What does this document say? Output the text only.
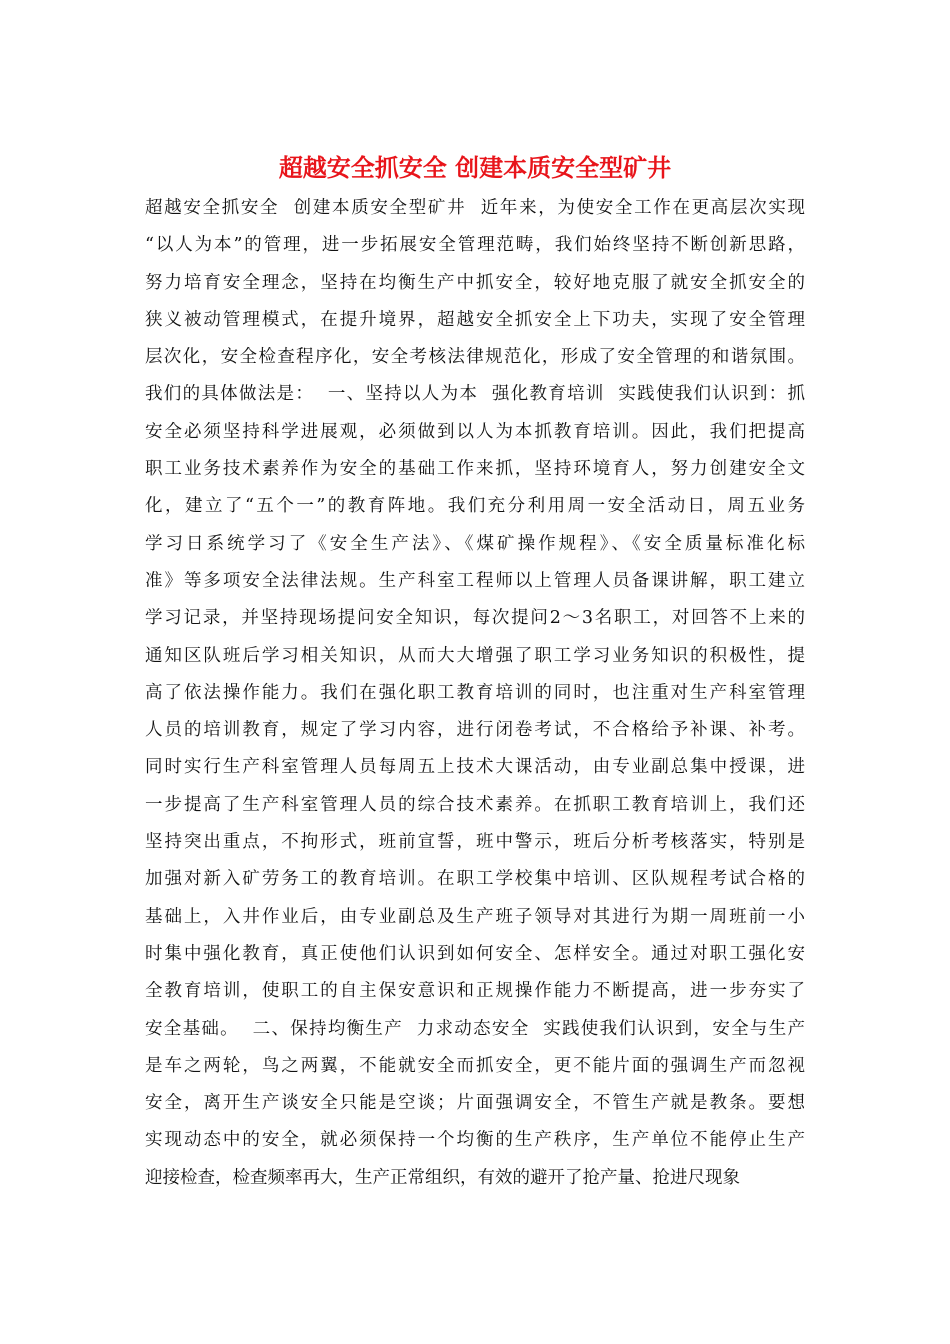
超越安全抓安全 创建本质安全型矿井
超越安全抓安全  创建本质安全型矿井  近年来，为使安全工作在更高层次实现
“以人为本”的管理，进一步拓展安全管理范畴，我们始终坚持不断创新思路，
努力培育安全理念，坚持在均衡生产中抓安全，较好地克服了就安全抓安全的
狭义被动管理模式，在提升境界，超越安全抓安全上下功夫，实现了安全管理
层次化，安全检查程序化，安全考核法律规范化，形成了安全管理的和谐氛围。
我们的具体做法是：  一、坚持以人为本  强化教育培训  实践使我们认识到：抓
安全必须坚持科学进展观，必须做到以人为本抓教育培训。因此，我们把提高
职工业务技术素养作为安全的基础工作来抓，坚持环境育人，努力创建安全文
化，建立了“五个一”的教育阵地。我们充分利用周一安全活动日，周五业务
学习日系统学习了《安全生产法》、《煤矿操作规程》、《安全质量标准化标
准》等多项安全法律法规。生产科室工程师以上管理人员备课讲解，职工建立
学习记录，并坚持现场提问安全知识，每次提问2～3名职工，对回答不上来的
通知区队班后学习相关知识，从而大大增强了职工学习业务知识的积极性，提
高了依法操作能力。我们在强化职工教育培训的同时，也注重对生产科室管理
人员的培训教育，规定了学习内容，进行闭卷考试，不合格给予补课、补考。
同时实行生产科室管理人员每周五上技术大课活动，由专业副总集中授课，进
一步提高了生产科室管理人员的综合技术素养。在抓职工教育培训上，我们还
坚持突出重点，不拘形式，班前宣誓，班中警示，班后分析考核落实，特别是
加强对新入矿劳务工的教育培训。在职工学校集中培训、区队规程考试合格的
基础上，入井作业后，由专业副总及生产班子领导对其进行为期一周班前一小
时集中强化教育，真正使他们认识到如何安全、怎样安全。通过对职工强化安
全教育培训，使职工的自主保安意识和正规操作能力不断提高，进一步夯实了
安全基础。  二、保持均衡生产  力求动态安全  实践使我们认识到，安全与生产
是车之两轮，鸟之两翼，不能就安全而抓安全，更不能片面的强调生产而忽视
安全，离开生产谈安全只能是空谈；片面强调安全，不管生产就是教条。要想
实现动态中的安全，就必须保持一个均衡的生产秩序，生产单位不能停止生产
迎接检查，检查频率再大，生产正常组织，有效的避开了抢产量、抢进尺现象
